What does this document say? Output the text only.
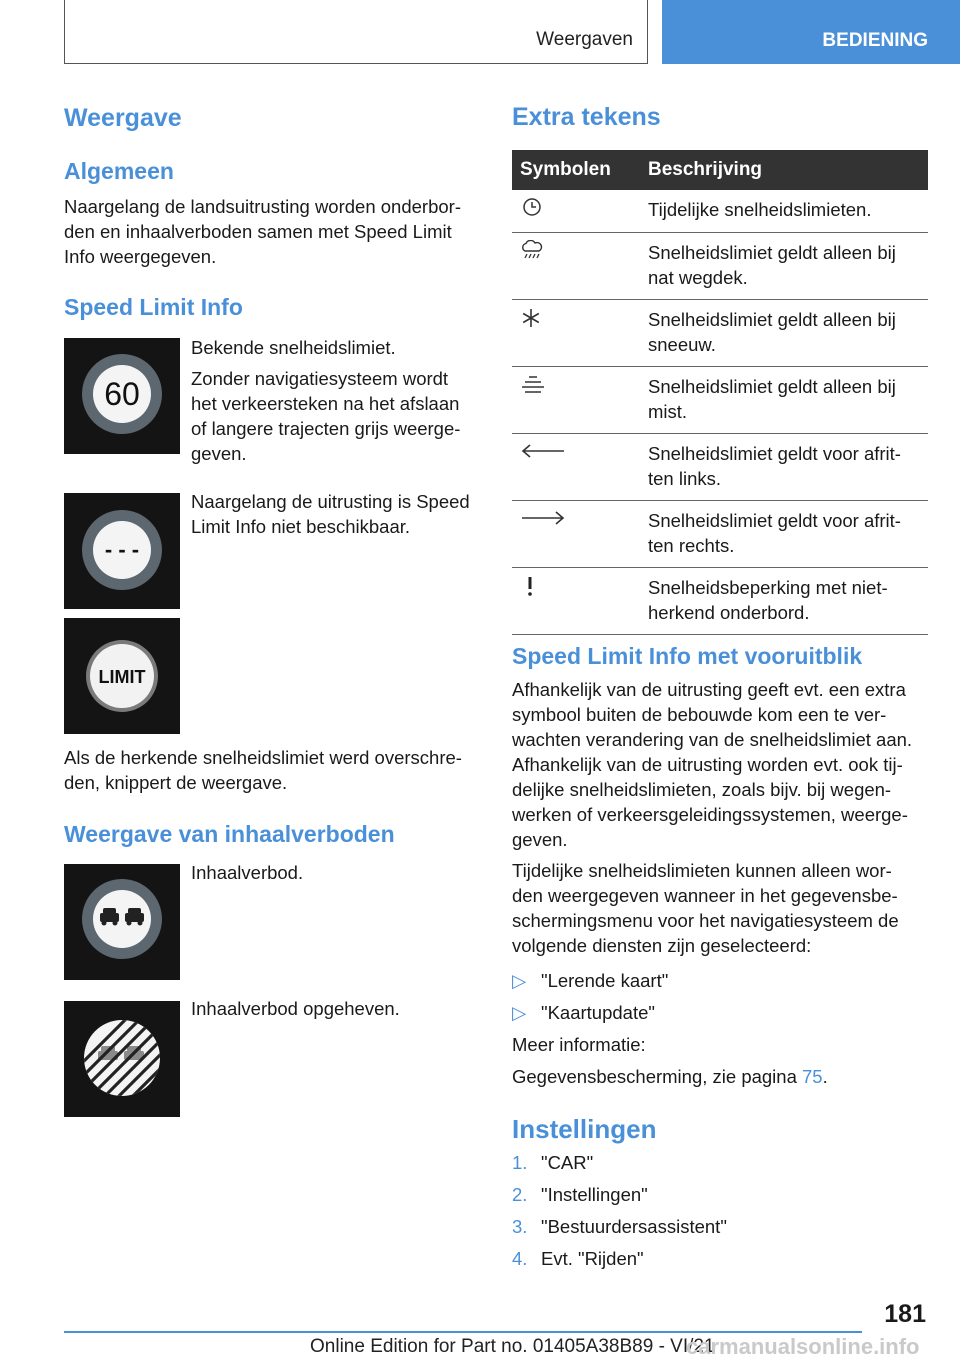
Weergaven	BEDIENING
Weergave
Algemeen
Naargelang de landsuitrusting worden onderbor-
den en inhaalverboden samen met Speed Limit
Info weergegeven.
Speed Limit Info
60
Bekende snelheidslimiet.
Zonder navigatiesysteem wordt
het verkeersteken na het afslaan
of langere trajecten grijs weerge-
geven.
- - -
Naargelang de uitrusting is Speed
Limit Info niet beschikbaar.
LIMIT
Als de herkende snelheidslimiet werd overschre-
den, knippert de weergave.
Weergave van inhaalverboden
Inhaalverbod.
Inhaalverbod opgeheven.
Extra tekens
Symbolen	Beschrijving

Tijdelijke snelheidslimieten.

Snelheidslimiet geldt alleen bij
nat wegdek.

Snelheidslimiet geldt alleen bij
sneeuw.

Snelheidslimiet geldt alleen bij
mist.

Snelheidslimiet geldt voor afrit-
ten links.

Snelheidslimiet geldt voor afrit-
ten rechts.

Snelheidsbeperking met niet-
herkend onderbord.
Speed Limit Info met vooruitblik
Afhankelijk van de uitrusting geeft evt. een extra
symbool buiten de bebouwde kom een te ver-
wachten verandering van de snelheidslimiet aan.
Afhankelijk van de uitrusting worden evt. ook tij-
delijke snelheidslimieten, zoals bijv. bij wegen-
werken of verkeersgeleidingssystemen, weerge-
geven.
Tijdelijke snelheidslimieten kunnen alleen wor-
den weergegeven wanneer in het gegevensbe-
schermingsmenu voor het navigatiesysteem de
volgende diensten zijn geselecteerd:
▷ "Lerende kaart"
▷ "Kaartupdate"
Meer informatie:
Gegevensbescherming, zie pagina 75.
Instellingen
1. "CAR"
2. "Instellingen"
3. "Bestuurdersassistent"
4. Evt. "Rijden"
181
Online Edition for Part no. 01405A38B89 - VI/21
carmanualsonline.info
